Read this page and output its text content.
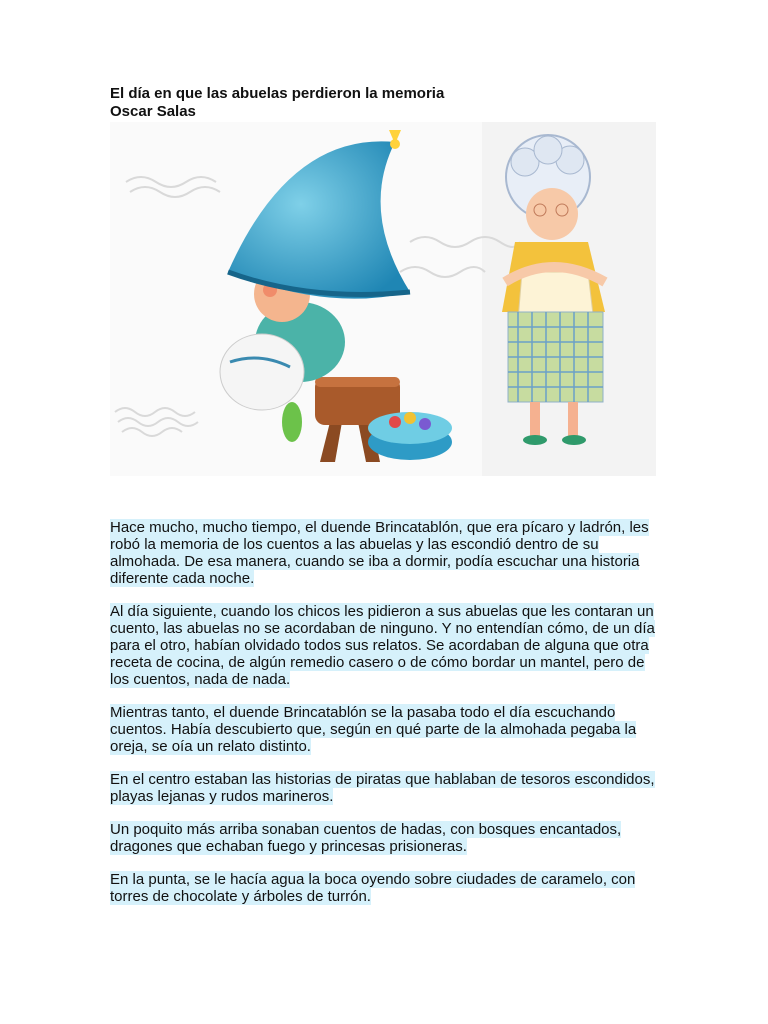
El día en que las abuelas perdieron la memoria
Oscar Salas

Hace mucho, mucho tiempo, el duende Brincatablón, que era pícaro y ladrón, les robó la memoria de los cuentos a las abuelas y las escondió dentro de su almohada. De esa manera, cuando se iba a dormir, podía escuchar una historia diferente cada noche.

Al día siguiente, cuando los chicos les pidieron a sus abuelas que les contaran un cuento, las abuelas no se acordaban de ninguno. Y no entendían cómo, de un día para el otro, habían olvidado todos sus relatos. Se acordaban de alguna que otra receta de cocina, de algún remedio casero o de cómo bordar un mantel, pero de los cuentos, nada de nada.

Mientras tanto, el duende Brincatablón se la pasaba todo el día escuchando cuentos. Había descubierto que, según en qué parte de la almohada pegaba la oreja, se oía un relato distinto.

En el centro estaban las historias de piratas que hablaban de tesoros escondidos, playas lejanas y rudos marineros.

Un poquito más arriba sonaban cuentos de hadas, con bosques encantados, dragones que echaban fuego y princesas prisioneras.

En la punta, se le hacía agua la boca oyendo sobre ciudades de caramelo, con torres de chocolate y árboles de turrón.
